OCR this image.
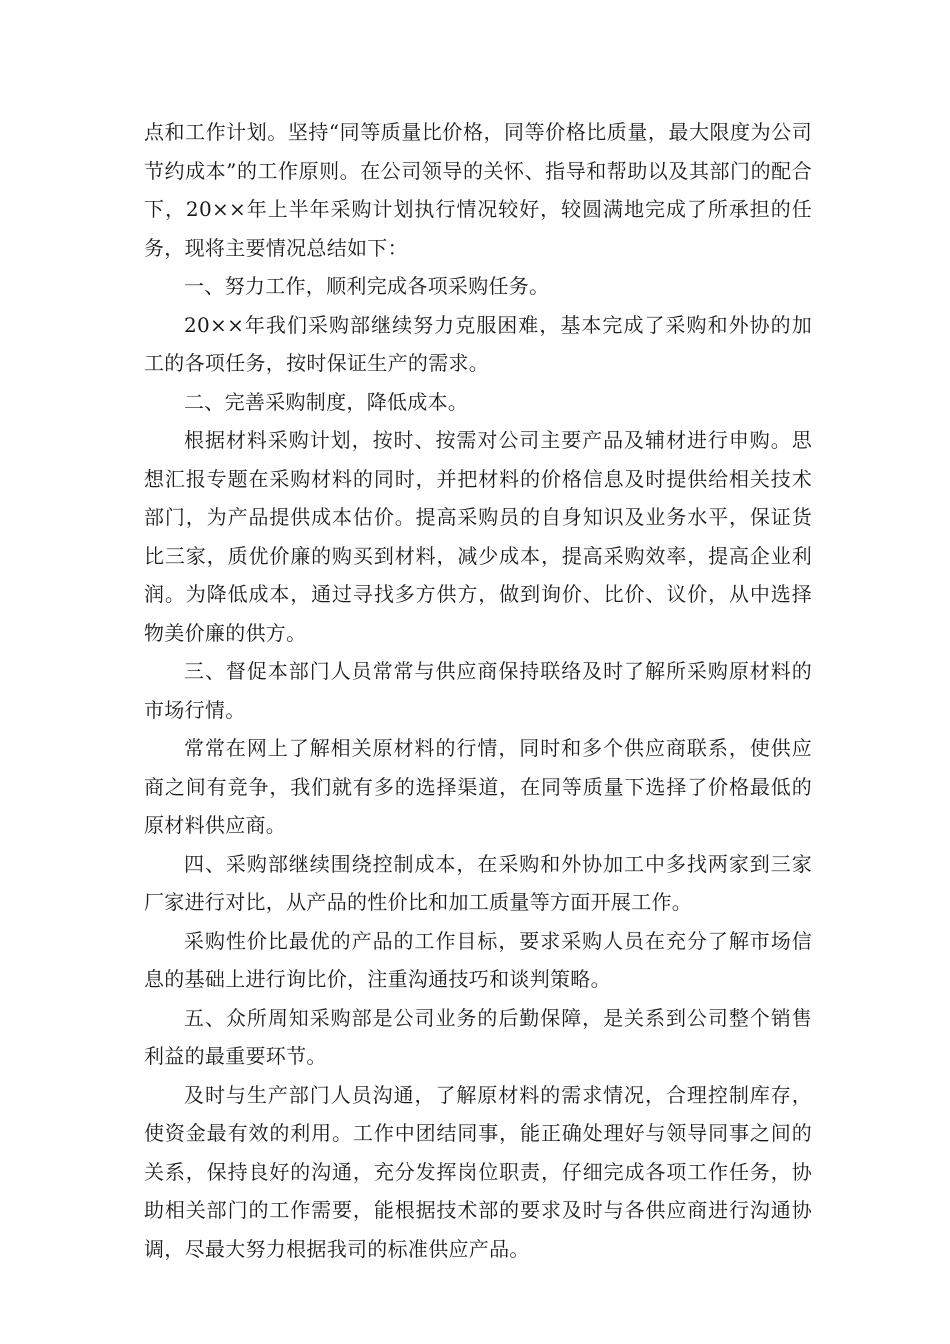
点和工作计划。坚持“同等质量比价格，同等价格比质量，最大限度为公司节约成本”的工作原则。在公司领导的关怀、指导和帮助以及其部门的配合下，20××年上半年采购计划执行情况较好，较圆满地完成了所承担的任务，现将主要情况总结如下：

一、努力工作，顺利完成各项采购任务。

20××年我们采购部继续努力克服困难，基本完成了采购和外协的加工的各项任务，按时保证生产的需求。

二、完善采购制度，降低成本。

根据材料采购计划，按时、按需对公司主要产品及辅材进行申购。思想汇报专题在采购材料的同时，并把材料的价格信息及时提供给相关技术部门，为产品提供成本估价。提高采购员的自身知识及业务水平，保证货比三家，质优价廉的购买到材料，减少成本，提高采购效率，提高企业利润。为降低成本，通过寻找多方供方，做到询价、比价、议价，从中选择物美价廉的供方。

三、督促本部门人员常常与供应商保持联络及时了解所采购原材料的市场行情。

常常在网上了解相关原材料的行情，同时和多个供应商联系，使供应商之间有竞争，我们就有多的选择渠道，在同等质量下选择了价格最低的原材料供应商。

四、采购部继续围绕控制成本，在采购和外协加工中多找两家到三家厂家进行对比，从产品的性价比和加工质量等方面开展工作。

采购性价比最优的产品的工作目标，要求采购人员在充分了解市场信息的基础上进行询比价，注重沟通技巧和谈判策略。

五、众所周知采购部是公司业务的后勤保障，是关系到公司整个销售利益的最重要环节。

及时与生产部门人员沟通，了解原材料的需求情况，合理控制库存，使资金最有效的利用。工作中团结同事，能正确处理好与领导同事之间的关系，保持良好的沟通，充分发挥岗位职责，仔细完成各项工作任务，协助相关部门的工作需要，能根据技术部的要求及时与各供应商进行沟通协调，尽最大努力根据我司的标准供应产品。
